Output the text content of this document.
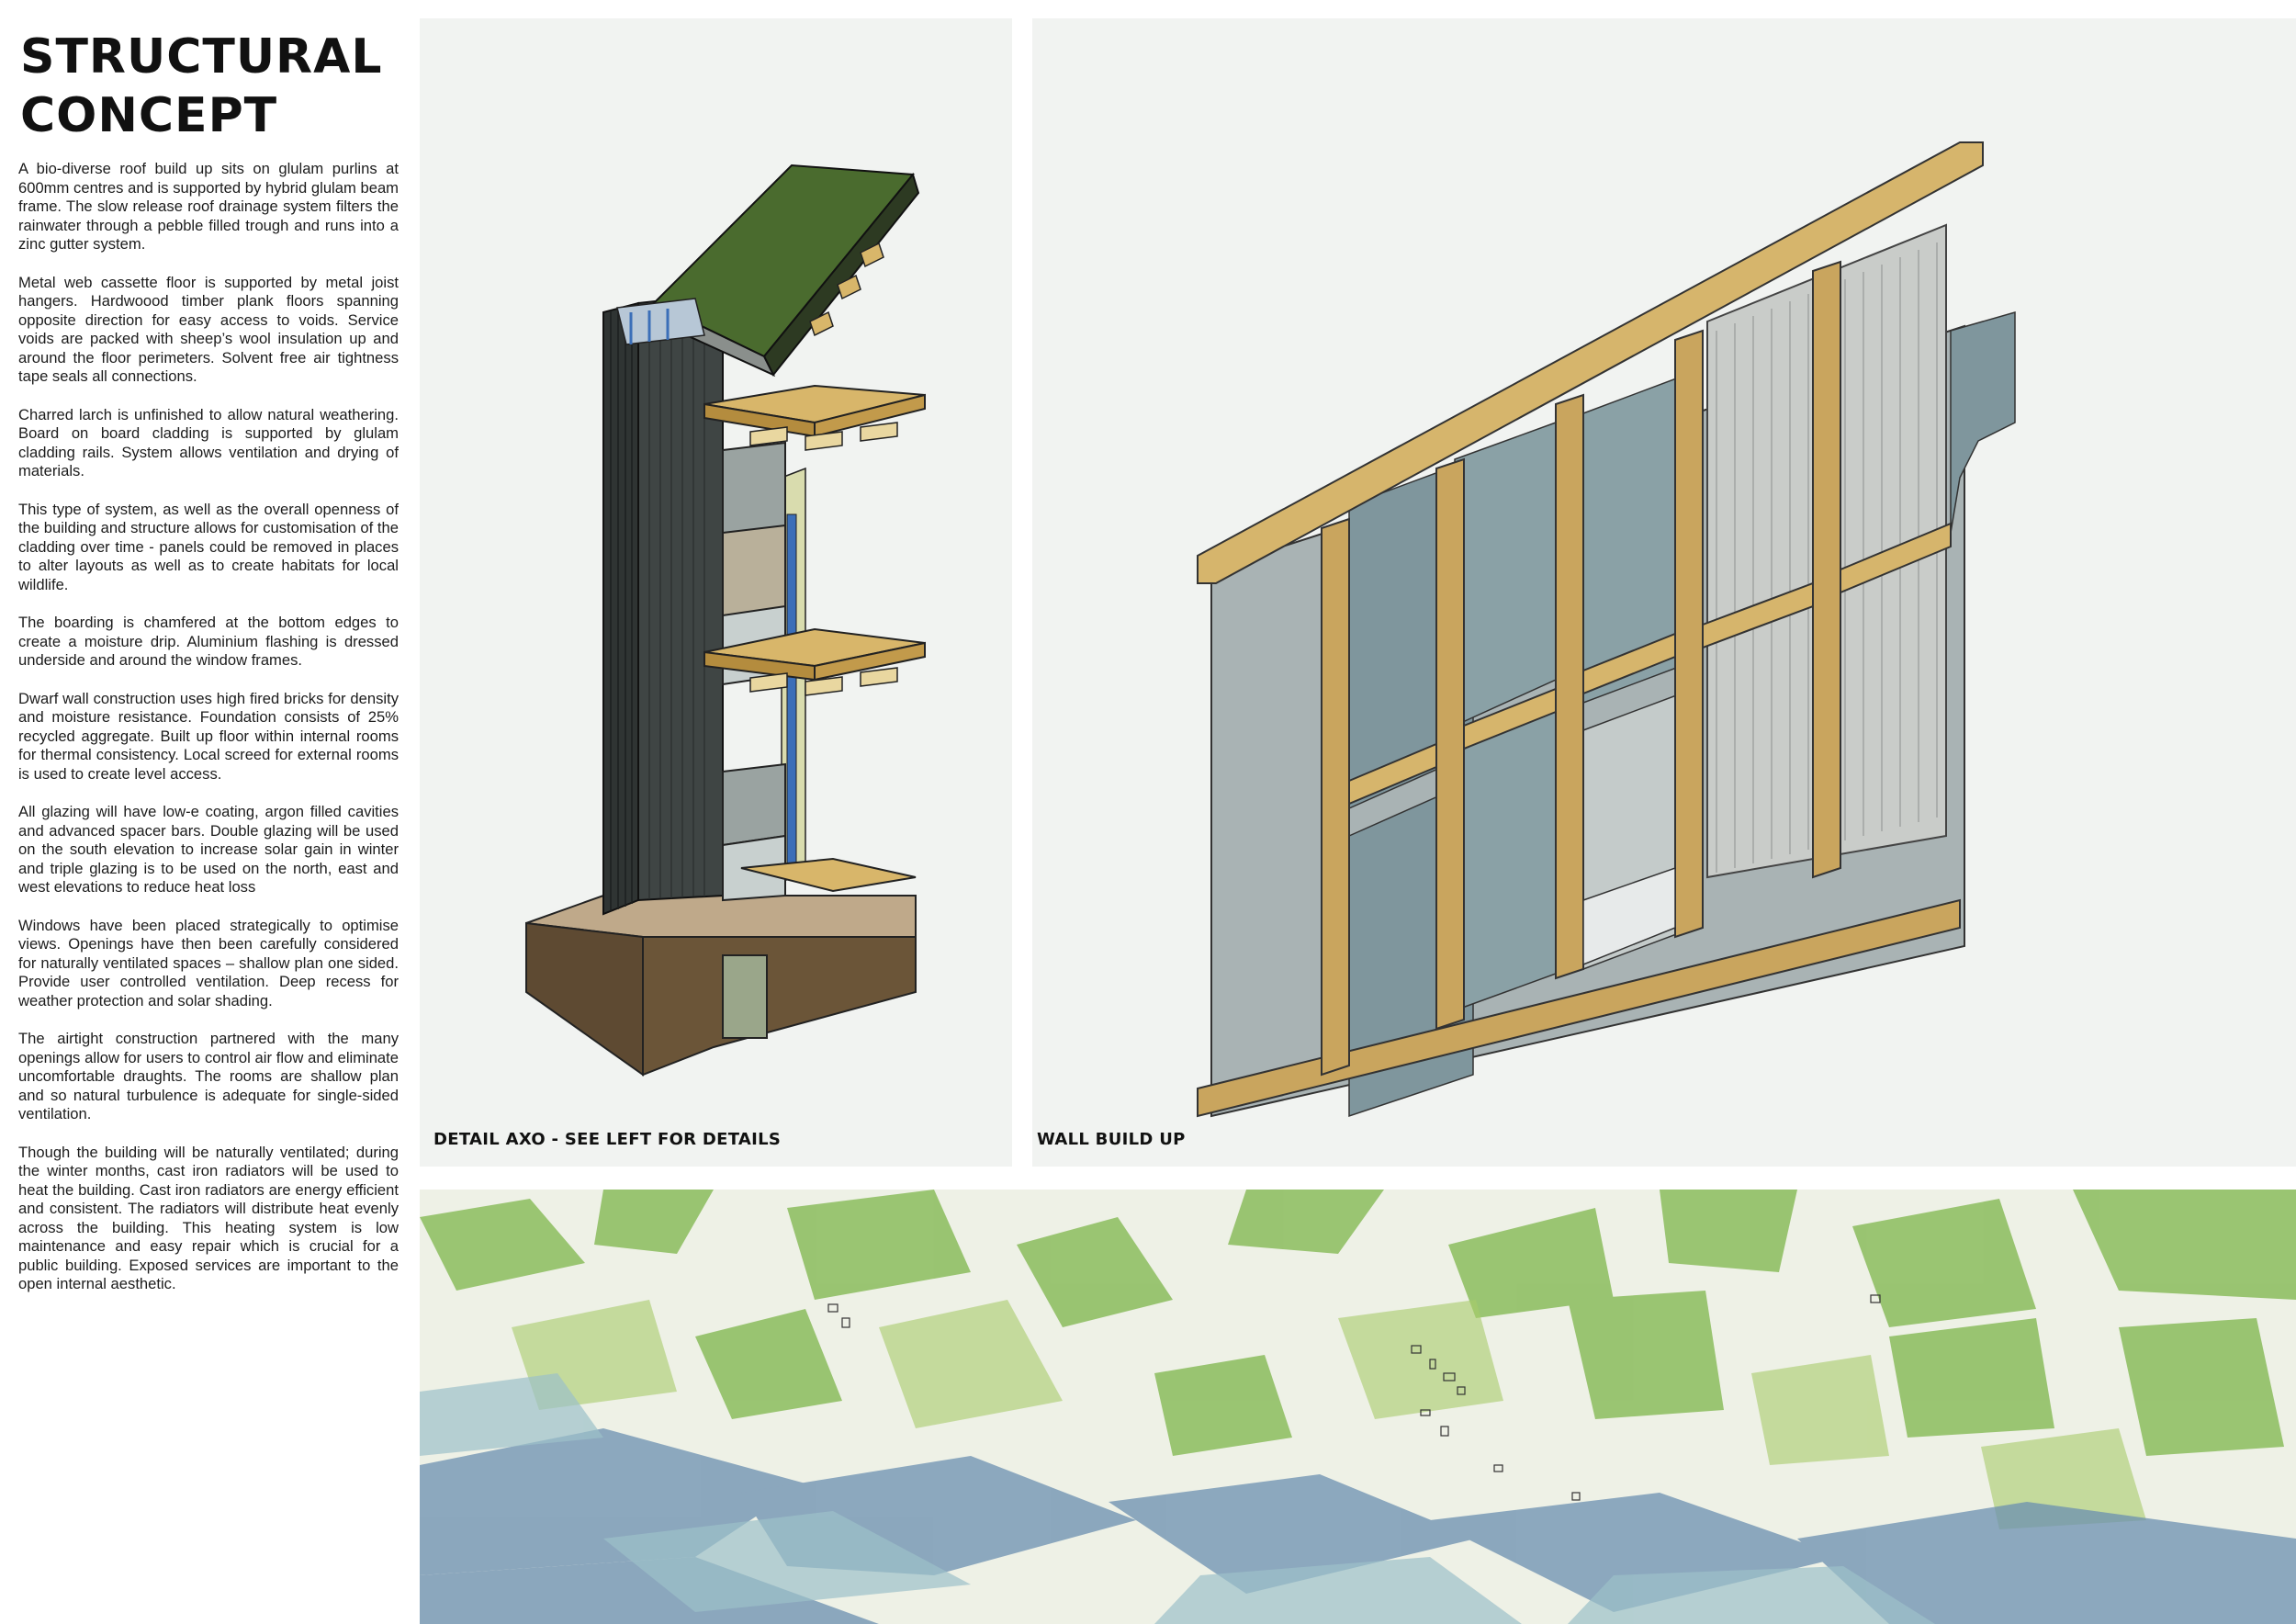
STRUCTURAL
CONCEPT

A bio-diverse roof build up sits on glulam purlins at 600mm centres and is supported by hybrid glulam beam frame. The slow release roof drainage system filters the rainwater through a pebble filled trough and runs into a zinc gutter system.

Metal web cassette floor is supported by metal joist hangers. Hardwoood timber plank floors spanning opposite direction for easy access to voids. Service voids are packed with sheep’s wool insulation up and around the floor perimeters. Solvent free air tightness tape seals all connections.

Charred larch is unfinished to allow natural weathering. Board on board cladding is supported by glulam cladding rails. System allows ventilation and drying of materials.

This type of system, as well as the overall openness of the building and structure allows for customisation of the cladding over time - panels could be removed in places to alter layouts as well as to create habitats for local wildlife.

The boarding is chamfered at the bottom edges to create a moisture drip. Aluminium flashing is dressed underside and around the window frames.

Dwarf wall construction uses high fired bricks for density and moisture resistance. Foundation consists of 25% recycled aggregate. Built up floor within internal rooms for thermal consistency. Local screed for external rooms is used to create level access.

All glazing will have low-e coating, argon filled cavities and advanced spacer bars. Double glazing will be used on the south elevation to increase solar gain in winter and triple glazing is to be used on the north, east and west elevations to reduce heat loss

Windows have been placed strategically to optimise views. Openings have then been carefully considered for naturally ventilated spaces – shallow plan one sided. Provide user controlled ventilation. Deep recess for weather protection and solar shading.

The airtight construction partnered with the many openings allow for users to control air flow and eliminate uncomfortable draughts. The rooms are shallow plan and so natural turbulence is adequate for single-sided ventilation.

Though the building will be naturally ventilated; during the winter months, cast iron radiators will be used to heat the building. Cast iron radiators are energy efficient and consistent. The radiators will distribute heat evenly across the building. This heating system is low maintenance and easy repair which is crucial for a public building. Exposed services are important to the open internal aesthetic.

DETAIL AXO - SEE LEFT FOR DETAILS	WALL BUILD UP
